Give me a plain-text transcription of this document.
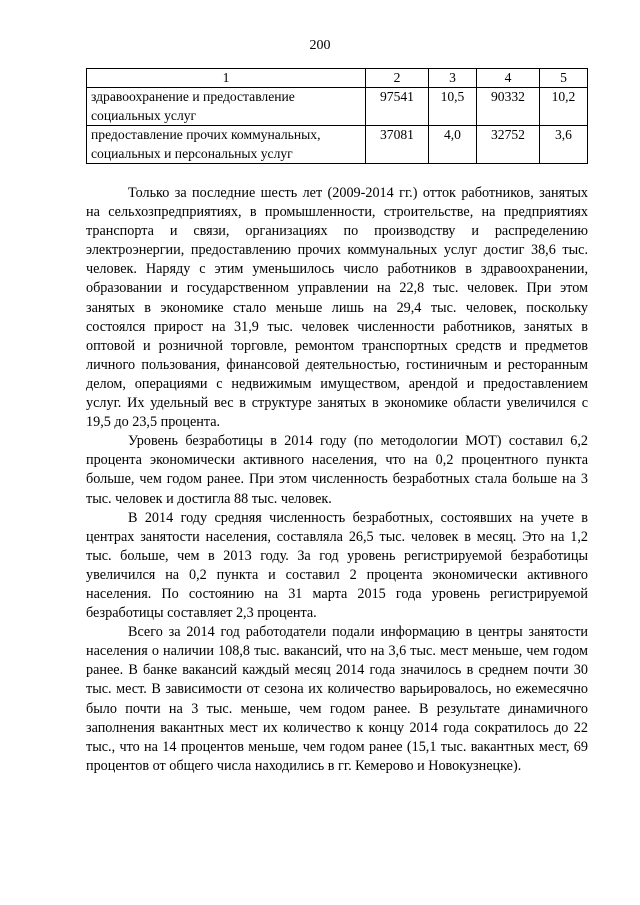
200
1	2	3	4	5
здравоохранение и предоставление социальных услуг	97541	10,5	90332	10,2
предоставление прочих коммунальных, социальных и персональных услуг	37081	4,0	32752	3,6

Только за последние шесть лет (2009-2014 гг.) отток работников, занятых на сельхозпредприятиях, в промышленности, строительстве, на предприятиях транспорта и связи, организациях по производству и распределению электроэнергии, предоставлению прочих коммунальных услуг достиг 38,6 тыс. человек. Наряду с этим уменьшилось число работников в здравоохранении, образовании и государственном управлении на 22,8 тыс. человек. При этом занятых в экономике стало меньше лишь на 29,4 тыс. человек, поскольку состоялся прирост на 31,9 тыс. человек численности работников, занятых в оптовой и розничной торговле, ремонтом транспортных средств и предметов личного пользования, финансовой деятельностью, гостиничным и ресторанным делом, операциями с недвижимым имуществом, арендой и предоставлением услуг. Их удельный вес в структуре занятых в экономике области увеличился с 19,5 до 23,5 процента.

Уровень безработицы в 2014 году (по методологии МОТ) составил 6,2 процента экономически активного населения, что на 0,2 процентного пункта больше, чем годом ранее. При этом численность безработных стала больше на 3 тыс. человек и достигла 88 тыс. человек.

В 2014 году средняя численность безработных, состоявших на учете в центрах занятости населения, составляла 26,5 тыс. человек в месяц. Это на 1,2 тыс. больше, чем в 2013 году. За год уровень регистрируемой безработицы увеличился на 0,2 пункта и составил 2 процента экономически активного населения. По состоянию на 31 марта 2015 года уровень регистрируемой безработицы составляет 2,3 процента.

Всего за 2014 год работодатели подали информацию в центры занятости населения о наличии 108,8 тыс. вакансий, что на 3,6 тыс. мест меньше, чем годом ранее. В банке вакансий каждый месяц 2014 года значилось в среднем почти 30 тыс. мест. В зависимости от сезона их количество варьировалось, но ежемесячно было почти на 3 тыс. меньше, чем годом ранее. В результате динамичного заполнения вакантных мест их количество к концу 2014 года сократилось до 22 тыс., что на 14 процентов меньше, чем годом ранее (15,1 тыс. вакантных мест, 69 процентов от общего числа находились в гг. Кемерово и Новокузнецке).
